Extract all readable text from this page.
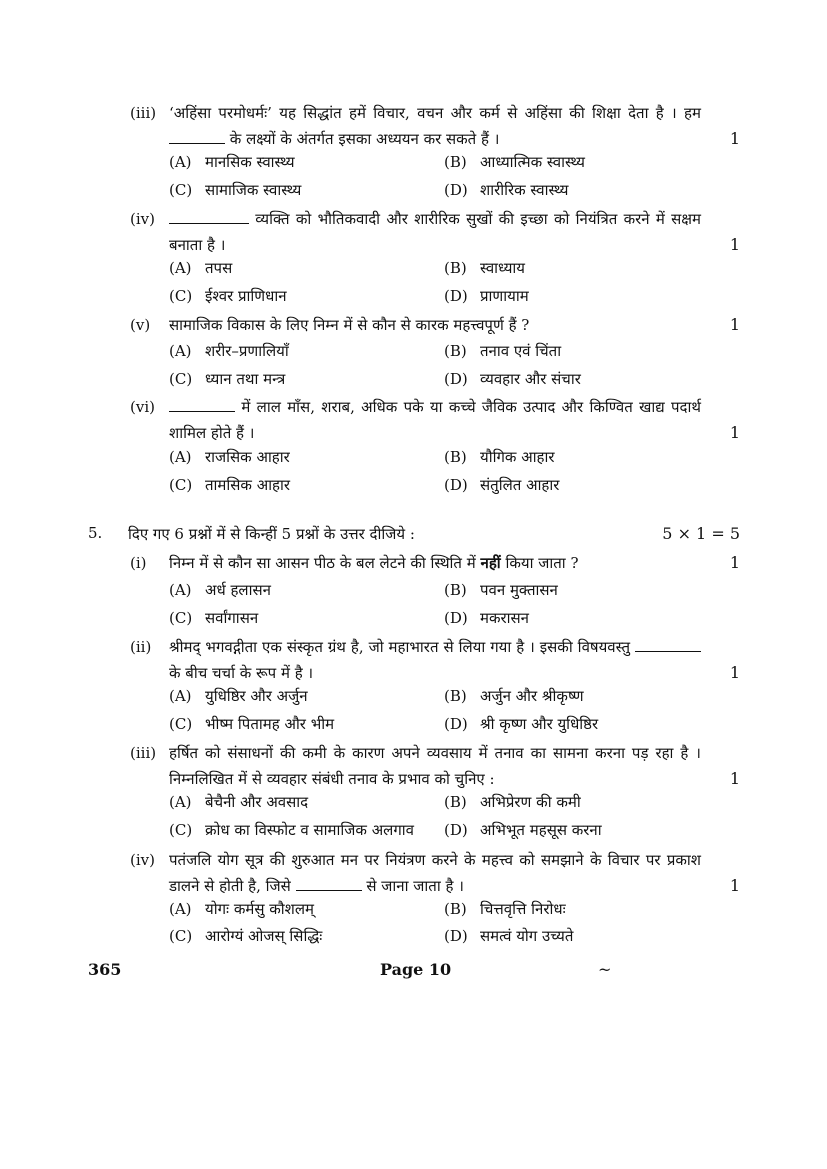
(iii) ‘अहिंसा परमोधर्मः’ यह सिद्धांत हमें विचार, वचन और कर्म से अहिंसा की शिक्षा देता है । हम  के लक्ष्यों के अंतर्गत इसका अध्ययन कर सकते हैं ।	1
(A) मानसिक स्वास्थ्य	(B) आध्यात्मिक स्वास्थ्य
(C) सामाजिक स्वास्थ्य	(D) शारीरिक स्वास्थ्य
(iv)	व्यक्ति को भौतिकवादी और शारीरिक सुखों की इच्छा को नियंत्रित करने में सक्षम बनाता है ।	1
(A) तपस	(B) स्वाध्याय
(C) ईश्वर प्राणिधान	(D) प्राणायाम
(v)	सामाजिक विकास के लिए निम्न में से कौन से कारक महत्त्वपूर्ण हैं ?	1
(A) शरीर–प्रणालियाँ	(B) तनाव एवं चिंता
(C) ध्यान तथा मन्त्र	(D) व्यवहार और संचार
(vi)	में लाल माँस, शराब, अधिक पके या कच्चे जैविक उत्पाद और किण्वित खाद्य पदार्थ शामिल होते हैं ।	1
(A) राजसिक आहार	(B) यौगिक आहार
(C) तामसिक आहार	(D) संतुलित आहार
5. दिए गए 6 प्रश्नों में से किन्हीं 5 प्रश्नों के उत्तर दीजिये :	5 × 1 = 5
(i)	निम्न में से कौन सा आसन पीठ के बल लेटने की स्थिति में नहीं किया जाता ?	1
(A) अर्ध हलासन	(B) पवन मुक्तासन
(C) सर्वांगासन	(D) मकरासन
(ii)	श्रीमद् भगवद्गीता एक संस्कृत ग्रंथ है, जो महाभारत से लिया गया है । इसकी विषयवस्तु  के बीच चर्चा के रूप में है ।	1
(A) युधिष्ठिर और अर्जुन	(B) अर्जुन और श्रीकृष्ण
(C) भीष्म पितामह और भीम	(D) श्री कृष्ण और युधिष्ठिर
(iii) हर्षित को संसाधनों की कमी के कारण अपने व्यवसाय में तनाव का सामना करना पड़ रहा है । निम्नलिखित में से व्यवहार संबंधी तनाव के प्रभाव को चुनिए :	1
(A) बेचैनी और अवसाद	(B) अभिप्रेरण की कमी
(C) क्रोध का विस्फोट व सामाजिक अलगाव (D) अभिभूत महसूस करना
(iv) पतंजलि योग सूत्र की शुरुआत मन पर नियंत्रण करने के महत्त्व को समझाने के विचार पर प्रकाश डालने से होती है, जिसे	से जाना जाता है ।	1
(A) योगः कर्मसु कौशलम्	(B) चित्तवृत्ति निरोधः
(C) आरोग्यं ओजस् सिद्धिः	(D) समत्वं योग उच्यते
365	Page 10	~
